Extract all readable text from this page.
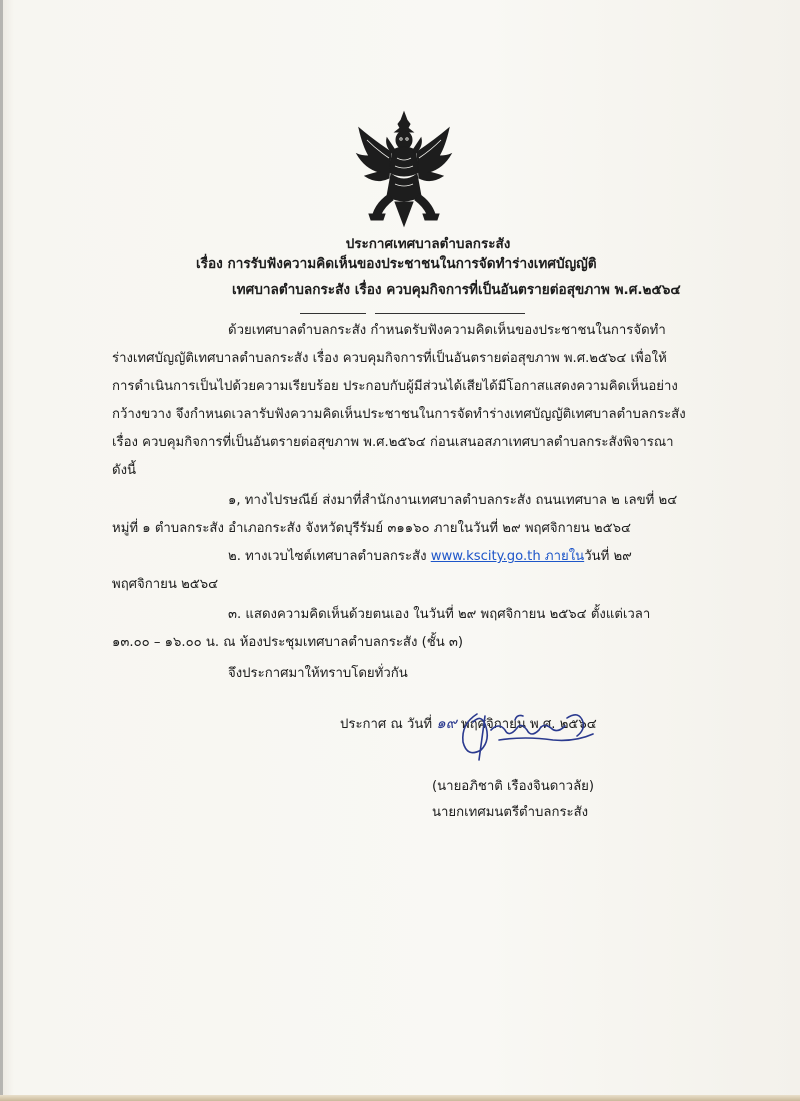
ประกาศเทศบาลตำบลกระสัง
เรื่อง การรับฟังความคิดเห็นของประชาชนในการจัดทำร่างเทศบัญญัติ
เทศบาลตำบลกระสัง เรื่อง ควบคุมกิจการที่เป็นอันตรายต่อสุขภาพ พ.ศ.๒๕๖๔
ด้วยเทศบาลตำบลกระสัง กำหนดรับฟังความคิดเห็นของประชาชนในการจัดทำ
ร่างเทศบัญญัติเทศบาลตำบลกระสัง เรื่อง ควบคุมกิจการที่เป็นอันตรายต่อสุขภาพ พ.ศ.๒๕๖๔ เพื่อให้
การดำเนินการเป็นไปด้วยความเรียบร้อย ประกอบกับผู้มีส่วนได้เสียได้มีโอกาสแสดงความคิดเห็นอย่าง
กว้างขวาง จึงกำหนดเวลารับฟังความคิดเห็นประชาชนในการจัดทำร่างเทศบัญญัติเทศบาลตำบลกระสัง
เรื่อง ควบคุมกิจการที่เป็นอันตรายต่อสุขภาพ พ.ศ.๒๕๖๔ ก่อนเสนอสภาเทศบาลตำบลกระสังพิจารณา
ดังนี้
๑, ทางไปรษณีย์ ส่งมาที่สำนักงานเทศบาลตำบลกระสัง ถนนเทศบาล ๒ เลขที่ ๒๔
หมู่ที่ ๑ ตำบลกระสัง อำเภอกระสัง จังหวัดบุรีรัมย์ ๓๑๑๖๐ ภายในวันที่ ๒๙ พฤศจิกายน ๒๕๖๔
๒. ทางเวบไซต์เทศบาลตำบลกระสัง www.kscity.go.th ภายในวันที่ ๒๙
พฤศจิกายน ๒๕๖๔
๓. แสดงความคิดเห็นด้วยตนเอง ในวันที่ ๒๙ พฤศจิกายน ๒๕๖๔ ตั้งแต่เวลา
๑๓.๐๐ – ๑๖.๐๐ น. ณ ห้องประชุมเทศบาลตำบลกระสัง (ชั้น ๓)
จึงประกาศมาให้ทราบโดยทั่วกัน
ประกาศ ณ วันที่ ๑๙ พฤศจิกายน พ.ศ. ๒๕๖๔
(นายอภิชาติ เรืองจินดาวลัย)
นายกเทศมนตรีตำบลกระสัง
